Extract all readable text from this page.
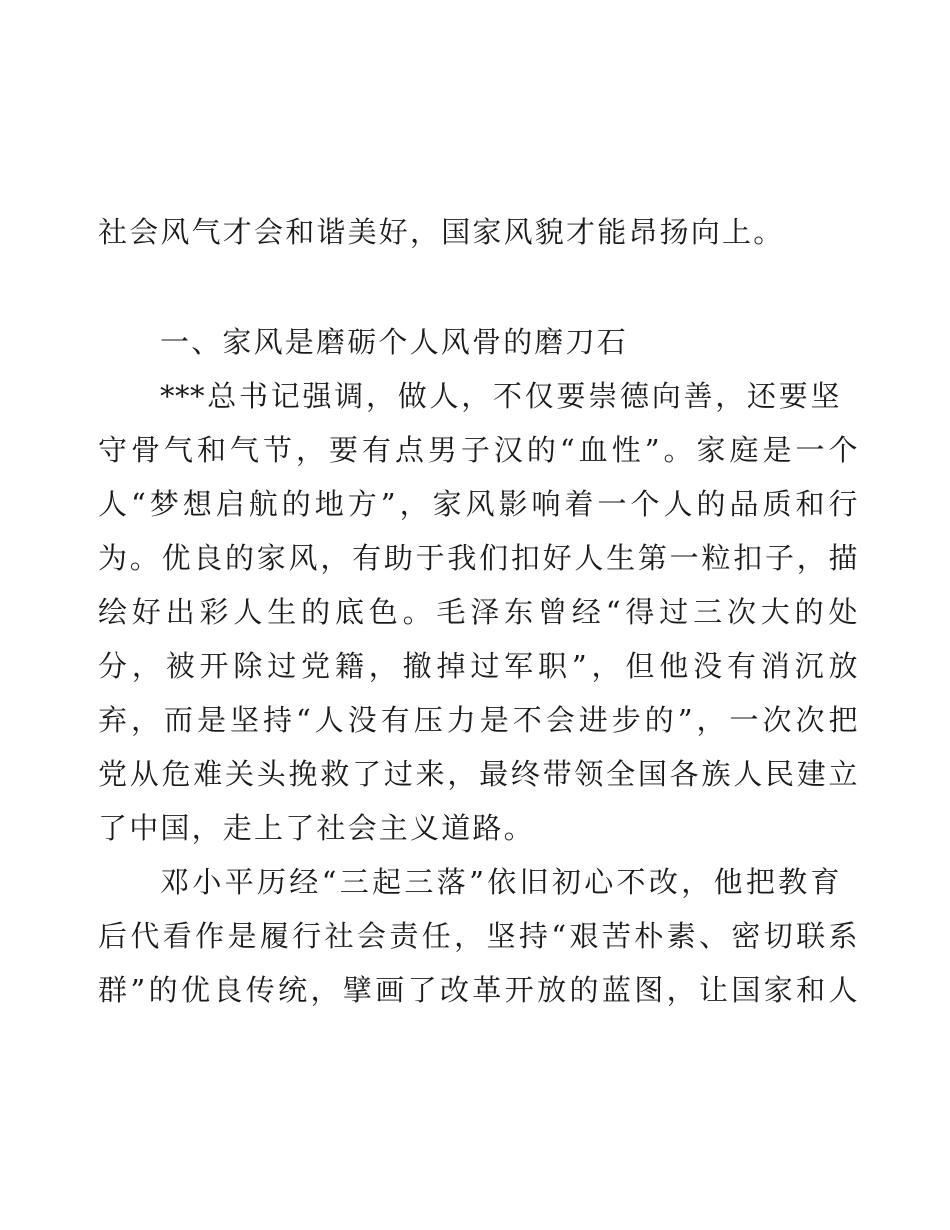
社会风气才会和谐美好，国家风貌才能昂扬向上。

一、家风是磨砺个人风骨的磨刀石

***总书记强调，做人，不仅要崇德向善，还要坚

守骨气和气节，要有点男子汉的“血性”。家庭是一个

人“梦想启航的地方”，家风影响着一个人的品质和行

为。优良的家风，有助于我们扣好人生第一粒扣子，描

绘好出彩人生的底色。毛泽东曾经“得过三次大的处

分，被开除过党籍，撤掉过军职”，但他没有消沉放

弃，而是坚持“人没有压力是不会进步的”，一次次把

党从危难关头挽救了过来，最终带领全国各族人民建立

了中国，走上了社会主义道路。

邓小平历经“三起三落”依旧初心不改，他把教育

后代看作是履行社会责任，坚持“艰苦朴素、密切联系

群”的优良传统，擘画了改革开放的蓝图，让国家和人
